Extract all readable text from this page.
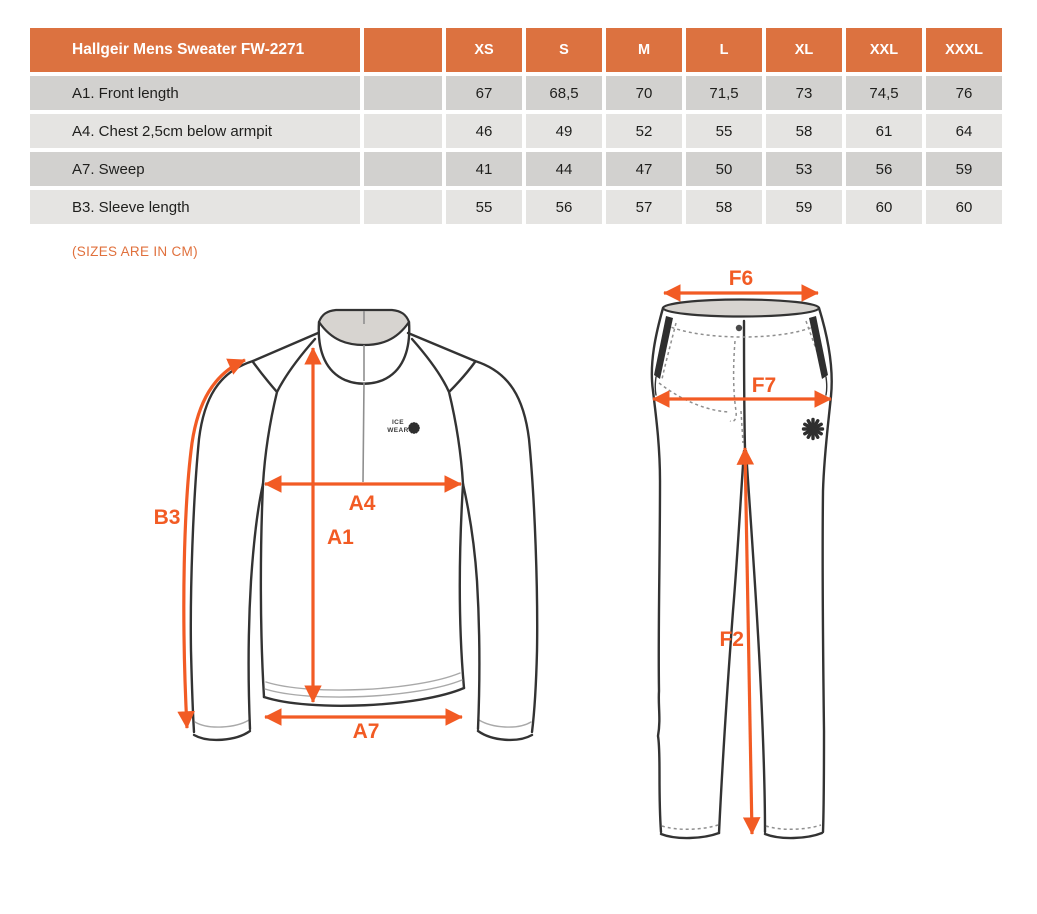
Hallgeir Mens Sweater FW-2271		XS	S	M	L	XL	XXL	XXXL
A1. Front length		67	68,5	70	71,5	73	74,5	76
A4. Chest 2,5cm below armpit		46	49	52	55	58	61	64
A7. Sweep		41	44	47	50	53	56	59
B3. Sleeve length		55	56	57	58	59	60	60
(SIZES ARE IN CM)
ICE
WEAR
B3
A4
A1
A7
F6
F7
F2
